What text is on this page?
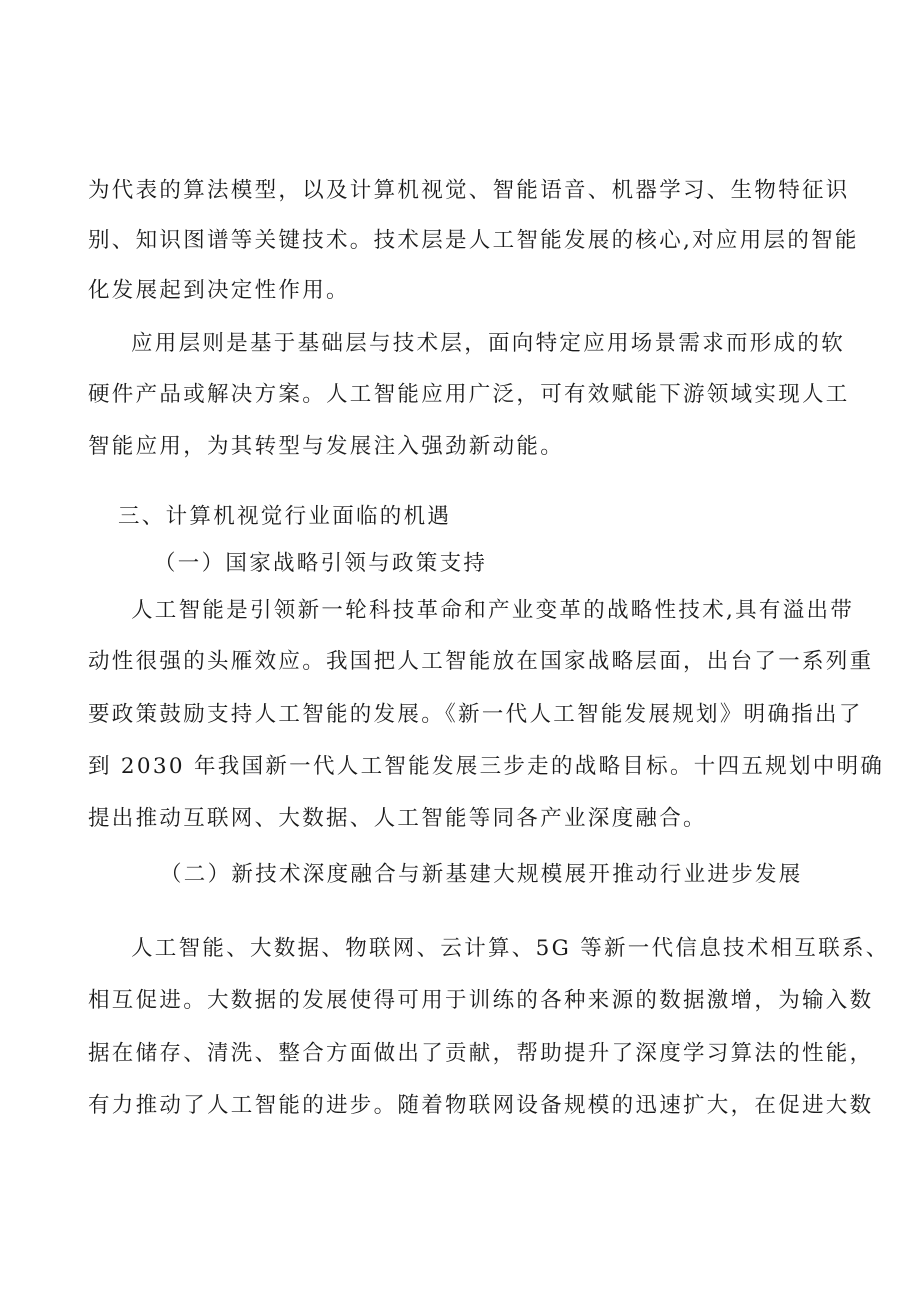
为代表的算法模型，以及计算机视觉、智能语音、机器学习、生物特征识
别、知识图谱等关键技术。技术层是人工智能发展的核心,对应用层的智能
化发展起到决定性作用。
应用层则是基于基础层与技术层，面向特定应用场景需求而形成的软
硬件产品或解决方案。人工智能应用广泛，可有效赋能下游领域实现人工
智能应用，为其转型与发展注入强劲新动能。
三、计算机视觉行业面临的机遇
（一）国家战略引领与政策支持
人工智能是引领新一轮科技革命和产业变革的战略性技术,具有溢出带
动性很强的头雁效应。我国把人工智能放在国家战略层面，出台了一系列重
要政策鼓励支持人工智能的发展。《新一代人工智能发展规划》明确指出了
到 2030 年我国新一代人工智能发展三步走的战略目标。十四五规划中明确
提出推动互联网、大数据、人工智能等同各产业深度融合。
（二）新技术深度融合与新基建大规模展开推动行业进步发展
人工智能、大数据、物联网、云计算、5G 等新一代信息技术相互联系、
相互促进。大数据的发展使得可用于训练的各种来源的数据激增，为输入数
据在储存、清洗、整合方面做出了贡献，帮助提升了深度学习算法的性能，
有力推动了人工智能的进步。随着物联网设备规模的迅速扩大，在促进大数
